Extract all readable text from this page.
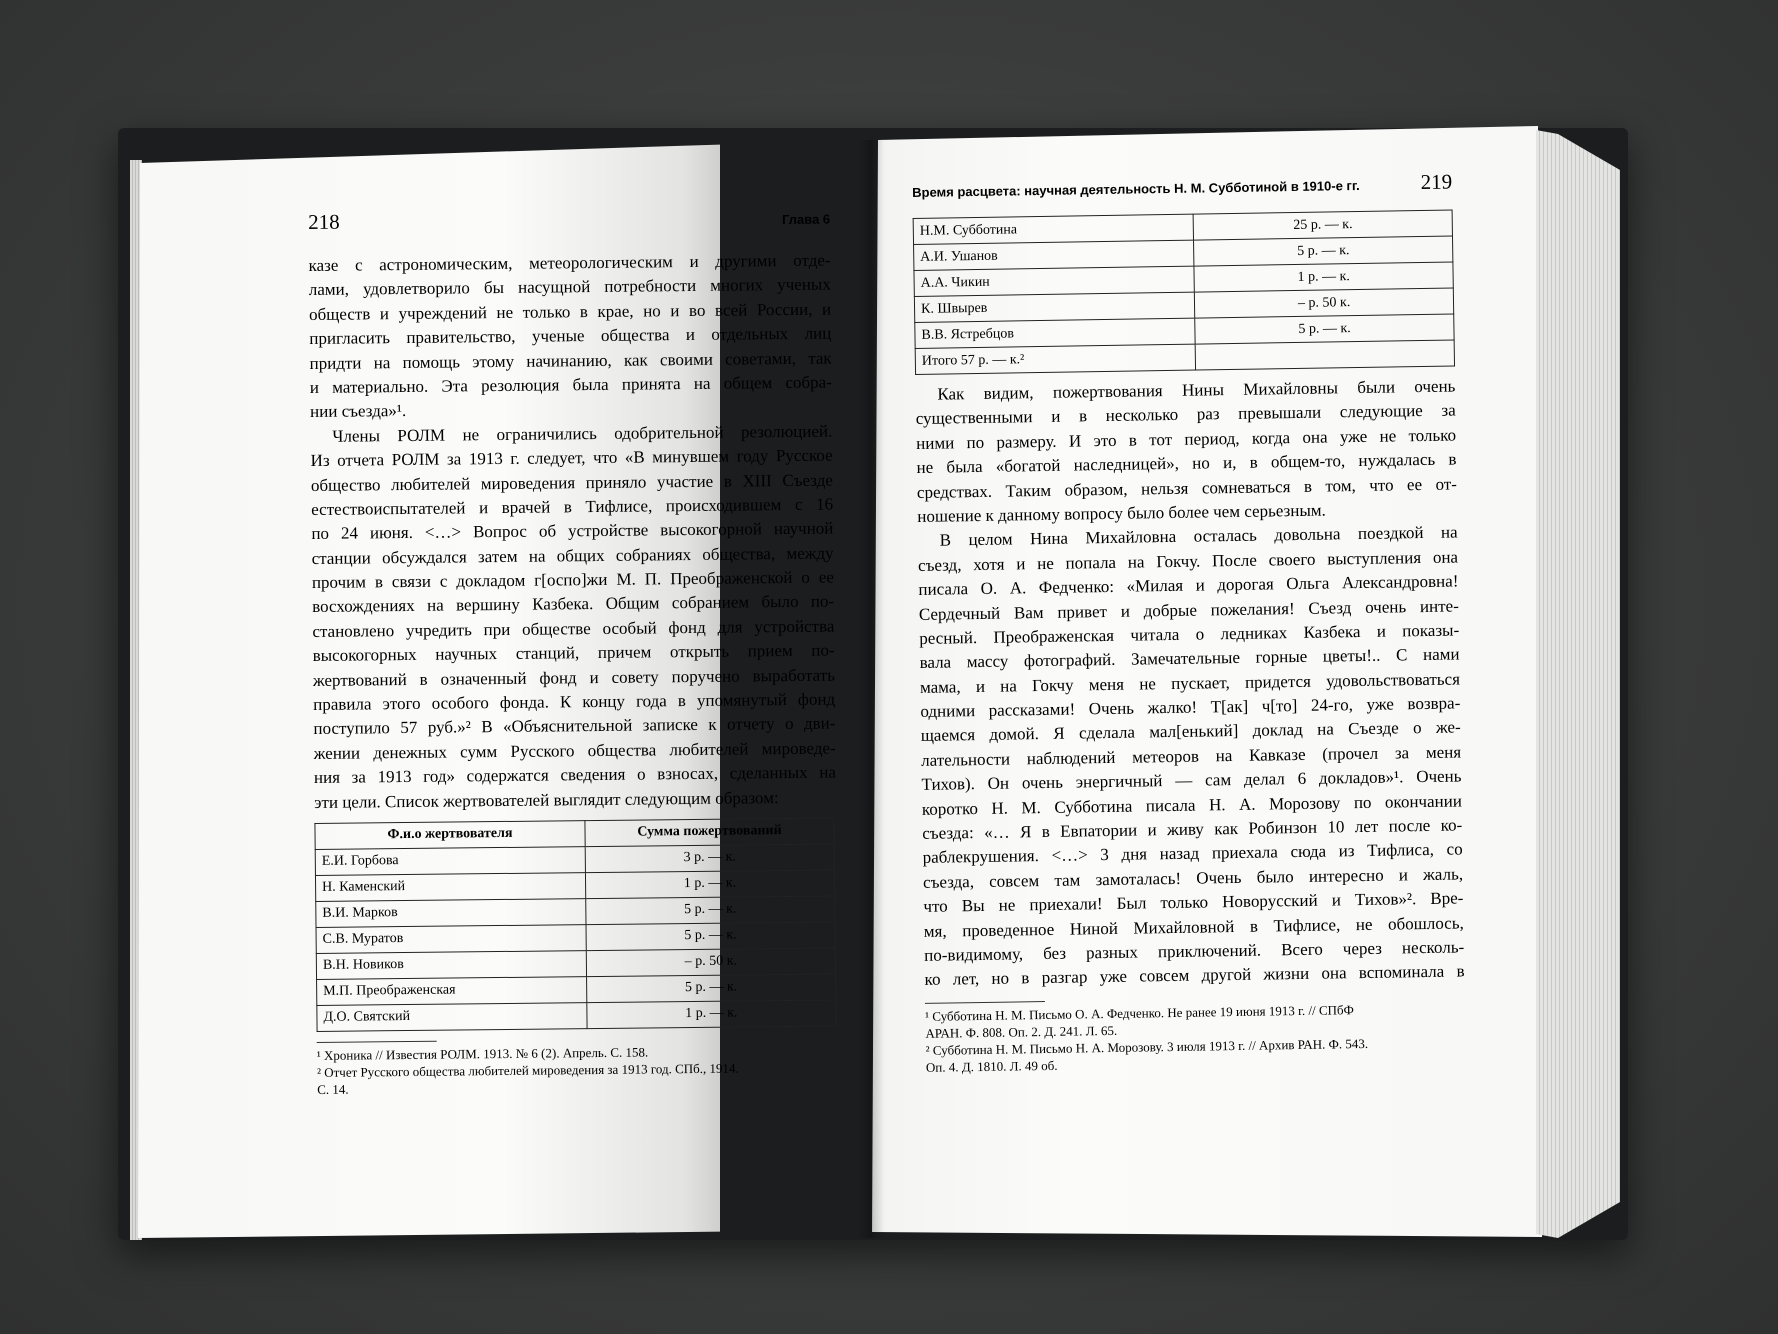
218	Глава 6
казе с астрономическим, метеорологическим и другими отде-
лами, удовлетворило бы насущной потребности многих ученых
обществ и учреждений не только в крае, но и во всей России, и
пригласить правительство, ученые общества и отдельных лиц
придти на помощь этому начинанию, как своими советами, так
и материально. Эта резолюция была принята на общем собра-
нии съезда»¹.
Члены РОЛМ не ограничились одобрительной резолюцией.
Из отчета РОЛМ за 1913 г. следует, что «В минувшем году Русское
общество любителей мироведения приняло участие в XIII Съезде
естествоиспытателей и врачей в Тифлисе, происходившем с 16
по 24 июня. <…> Вопрос об устройстве высокогорной научной
станции обсуждался затем на общих собраниях общества, между
прочим в связи с докладом г[оспо]жи М. П. Преображенской о ее
восхождениях на вершину Казбека. Общим собранием было по-
становлено учредить при обществе особый фонд для устройства
высокогорных научных станций, причем открыть прием по-
жертвований в означенный фонд и совету поручено выработать
правила этого особого фонда. К концу года в упомянутый фонд
поступило 57 руб.»² В «Объяснительной записке к отчету о дви-
жении денежных сумм Русского общества любителей мироведе-
ния за 1913 год» содержатся сведения о взносах, сделанных на
эти цели. Список жертвователей выглядит следующим образом:
Ф.и.о жертвователя	Сумма пожертвований
Е.И. Горбова	3 р. — к.
Н. Каменский	1 р. — к.
В.И. Марков	5 р. — к.
С.В. Муратов	5 р. — к.
В.Н. Новиков	– р. 50 к.
М.П. Преображенская	5 р. — к.
Д.О. Святский	1 р. — к.
¹ Хроника // Известия РОЛМ. 1913. № 6 (2). Апрель. С. 158.
² Отчет Русского общества любителей мироведения за 1913 год. СПб., 1914.
С. 14.
Время расцвета: научная деятельность Н. М. Субботиной в 1910-е гг.	219
Н.М. Субботина	25 р. — к.
А.И. Ушанов	5 р. — к.
А.А. Чикин	1 р. — к.
К. Швырев	– р. 50 к.
В.В. Ястребцов	5 р. — к.
Итого 57 р. — к.²	
Как видим, пожертвования Нины Михайловны были очень
существенными и в несколько раз превышали следующие за
ними по размеру. И это в тот период, когда она уже не только
не была «богатой наследницей», но и, в общем-то, нуждалась в
средствах. Таким образом, нельзя сомневаться в том, что ее от-
ношение к данному вопросу было более чем серьезным.
В целом Нина Михайловна осталась довольна поездкой на
съезд, хотя и не попала на Гокчу. После своего выступления она
писала О. А. Федченко: «Милая и дорогая Ольга Александровна!
Сердечный Вам привет и добрые пожелания! Съезд очень инте-
ресный. Преображенская читала о ледниках Казбека и показы-
вала массу фотографий. Замечательные горные цветы!.. С нами
мама, и на Гокчу меня не пускает, придется удовольствоваться
одними рассказами! Очень жалко! Т[ак] ч[то] 24-го, уже возвра-
щаемся домой. Я сделала мал[енький] доклад на Съезде о же-
лательности наблюдений метеоров на Кавказе (прочел за меня
Тихов). Он очень энергичный — сам делал 6 докладов»¹. Очень
коротко Н. М. Субботина писала Н. А. Морозову по окончании
съезда: «… Я в Евпатории и живу как Робинзон 10 лет после ко-
раблекрушения. <…> 3 дня назад приехала сюда из Тифлиса, со
съезда, совсем там замоталась! Очень было интересно и жаль,
что Вы не приехали! Был только Новорусский и Тихов»². Вре-
мя, проведенное Ниной Михайловной в Тифлисе, не обошлось,
по-видимому, без разных приключений. Всего через несколь-
ко лет, но в разгар уже совсем другой жизни она вспоминала в
¹ Субботина Н. М. Письмо О. А. Федченко. Не ранее 19 июня 1913 г. // СПбФ
АРАН. Ф. 808. Оп. 2. Д. 241. Л. 65.
² Субботина Н. М. Письмо Н. А. Морозову. 3 июля 1913 г. // Архив РАН. Ф. 543.
Оп. 4. Д. 1810. Л. 49 об.
